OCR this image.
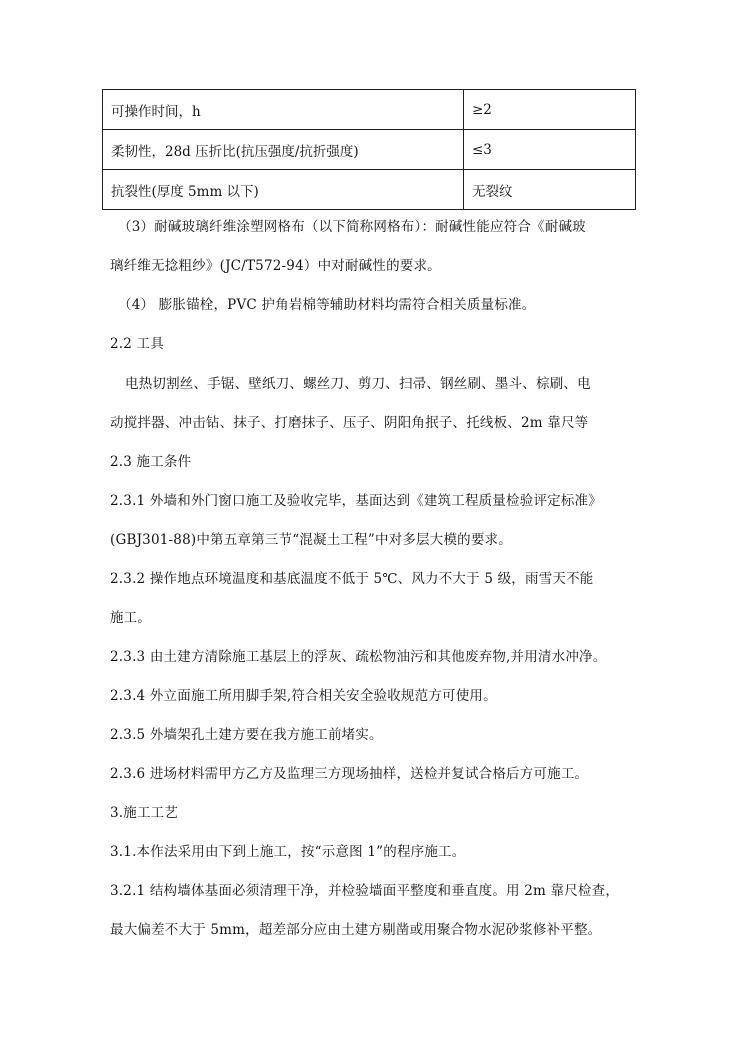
可操作时间，h	≥2
柔韧性，28d 压折比(抗压强度/抗折强度)	≤3
抗裂性(厚度 5mm 以下)	无裂纹
（3）耐碱玻璃纤维涂塑网格布（以下简称网格布）：耐碱性能应符合《耐碱玻
璃纤维无捻粗纱》(JC/T572-94）中对耐碱性的要求。
（4） 膨胀锚栓，PVC 护角岩棉等辅助材料均需符合相关质量标准。
2.2 工具
电热切割丝、手锯、壁纸刀、螺丝刀、剪刀、扫帚、钢丝刷、墨斗、棕刷、电
动搅拌器、冲击钻、抹子、打磨抹子、压子、阴阳角抿子、托线板、2m 靠尺等
2.3 施工条件
2.3.1 外墙和外门窗口施工及验收完毕，基面达到《建筑工程质量检验评定标准》
(GBJ301-88)中第五章第三节“混凝土工程”中对多层大模的要求。
2.3.2 操作地点环境温度和基底温度不低于 5℃、风力不大于 5 级，雨雪天不能
施工。
2.3.3 由土建方清除施工基层上的浮灰、疏松物油污和其他废弃物,并用清水冲净。
2.3.4 外立面施工所用脚手架,符合相关安全验收规范方可使用。
2.3.5 外墙架孔土建方要在我方施工前堵实。
2.3.6 进场材料需甲方乙方及监理三方现场抽样，送检并复试合格后方可施工。
3.施工工艺
3.1.本作法采用由下到上施工，按“示意图 1”的程序施工。
3.2.1 结构墙体基面必须清理干净，并检验墙面平整度和垂直度。用 2m 靠尺检查，
最大偏差不大于 5mm，超差部分应由土建方剔凿或用聚合物水泥砂浆修补平整。
